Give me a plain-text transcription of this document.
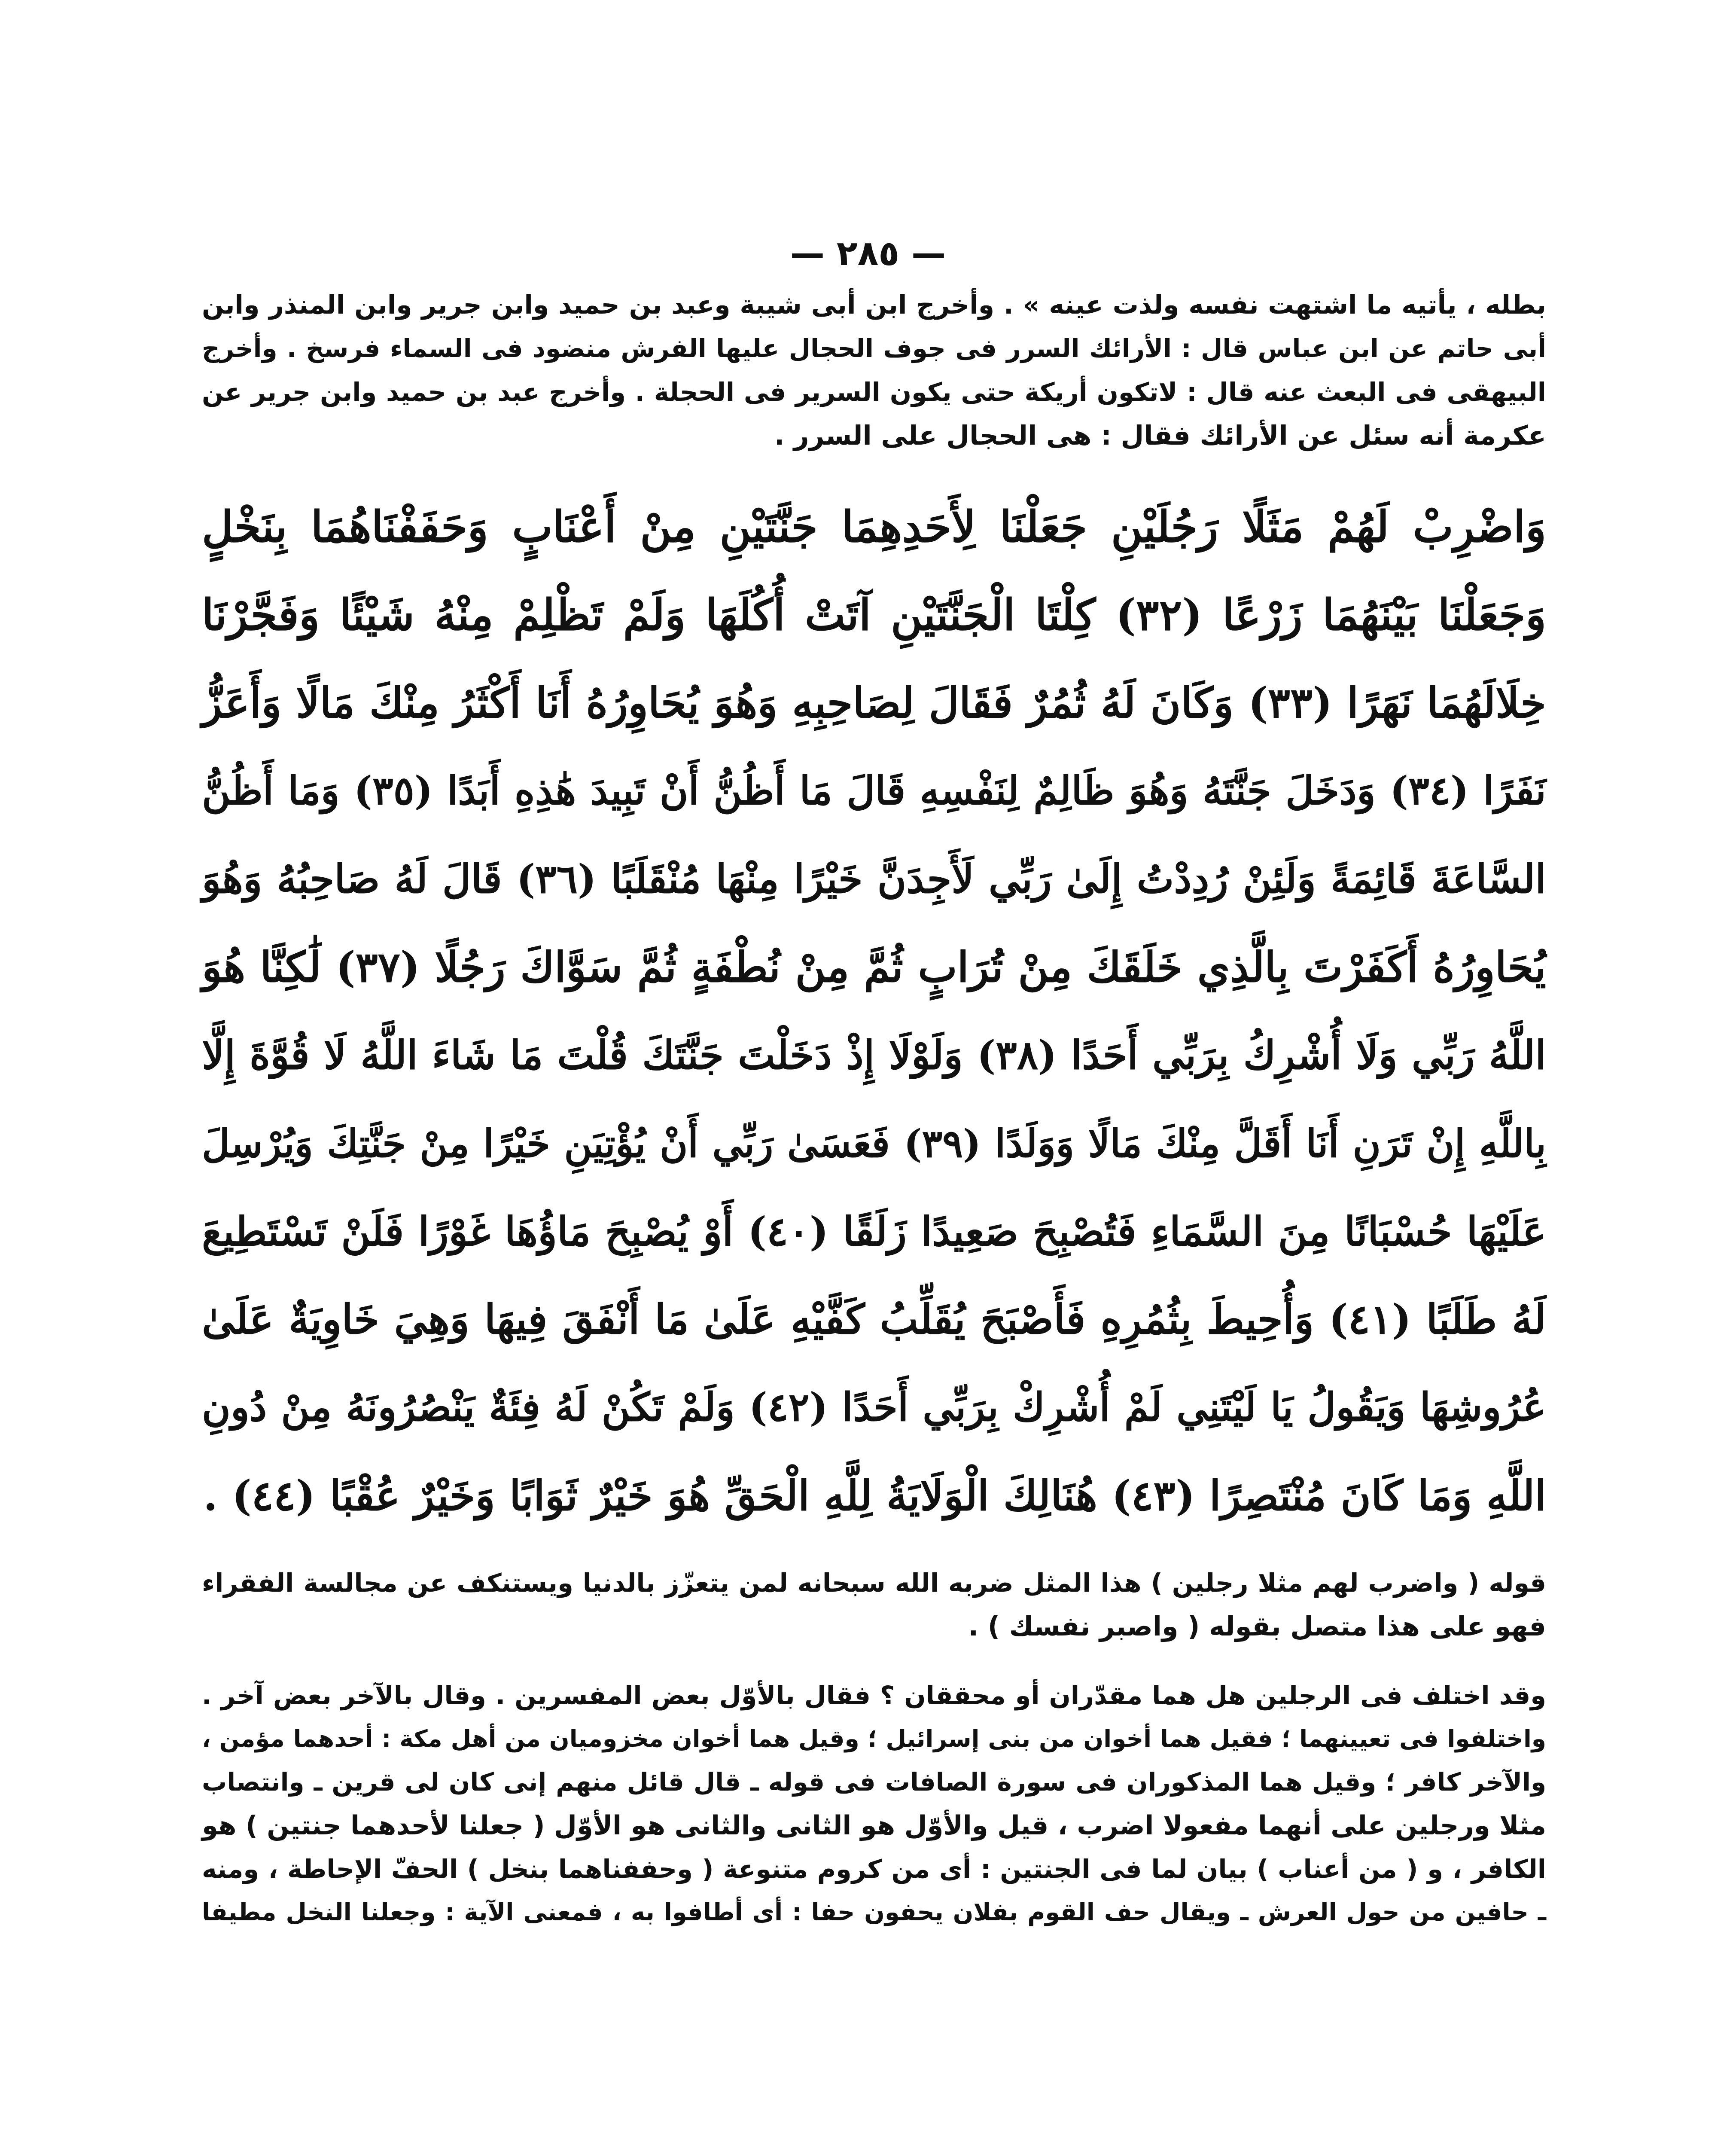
— ٢٨٥ —
بطله ، يأتيه ما اشتهت نفسه ولذت عينه » . وأخرج ابن أبى شيبة وعبد بن حميد وابن جرير وابن المنذر وابن
أبى حاتم عن ابن عباس قال : الأرائك السرر فى جوف الحجال عليها الفرش منضود فى السماء فرسخ . وأخرج
البيهقى فى البعث عنه قال : لاتكون أريكة حتى يكون السرير فى الحجلة . وأخرج عبد بن حميد وابن جرير عن
عكرمة أنه سئل عن الأرائك فقال : هى الحجال على السرر .
وَاضْرِبْ لَهُمْ مَثَلًا رَجُلَيْنِ جَعَلْنَا لِأَحَدِهِمَا جَنَّتَيْنِ مِنْ أَعْنَابٍ وَحَفَفْنَاهُمَا بِنَخْلٍ
وَجَعَلْنَا بَيْنَهُمَا زَرْعًا (٣٢) كِلْتَا الْجَنَّتَيْنِ آتَتْ أُكُلَهَا وَلَمْ تَظْلِمْ مِنْهُ شَيْئًا وَفَجَّرْنَا
خِلَالَهُمَا نَهَرًا (٣٣) وَكَانَ لَهُ ثُمُرٌ فَقَالَ لِصَاحِبِهِ وَهُوَ يُحَاوِرُهُ أَنَا أَكْثَرُ مِنْكَ مَالًا وَأَعَزُّ
نَفَرًا (٣٤) وَدَخَلَ جَنَّتَهُ وَهُوَ ظَالِمٌ لِنَفْسِهِ قَالَ مَا أَظُنُّ أَنْ تَبِيدَ هَٰذِهِ أَبَدًا (٣٥) وَمَا أَظُنُّ
السَّاعَةَ قَائِمَةً وَلَئِنْ رُدِدْتُ إِلَىٰ رَبِّي لَأَجِدَنَّ خَيْرًا مِنْهَا مُنْقَلَبًا (٣٦) قَالَ لَهُ صَاحِبُهُ وَهُوَ
يُحَاوِرُهُ أَكَفَرْتَ بِالَّذِي خَلَقَكَ مِنْ تُرَابٍ ثُمَّ مِنْ نُطْفَةٍ ثُمَّ سَوَّاكَ رَجُلًا (٣٧) لَٰكِنَّا هُوَ
اللَّهُ رَبِّي وَلَا أُشْرِكُ بِرَبِّي أَحَدًا (٣٨) وَلَوْلَا إِذْ دَخَلْتَ جَنَّتَكَ قُلْتَ مَا شَاءَ اللَّهُ لَا قُوَّةَ إِلَّا
بِاللَّهِ إِنْ تَرَنِ أَنَا أَقَلَّ مِنْكَ مَالًا وَوَلَدًا (٣٩) فَعَسَىٰ رَبِّي أَنْ يُؤْتِيَنِ خَيْرًا مِنْ جَنَّتِكَ وَيُرْسِلَ
عَلَيْهَا حُسْبَانًا مِنَ السَّمَاءِ فَتُصْبِحَ صَعِيدًا زَلَقًا (٤٠) أَوْ يُصْبِحَ مَاؤُهَا غَوْرًا فَلَنْ تَسْتَطِيعَ
لَهُ طَلَبًا (٤١) وَأُحِيطَ بِثُمُرِهِ فَأَصْبَحَ يُقَلِّبُ كَفَّيْهِ عَلَىٰ مَا أَنْفَقَ فِيهَا وَهِيَ خَاوِيَةٌ عَلَىٰ
عُرُوشِهَا وَيَقُولُ يَا لَيْتَنِي لَمْ أُشْرِكْ بِرَبِّي أَحَدًا (٤٢) وَلَمْ تَكُنْ لَهُ فِئَةٌ يَنْصُرُونَهُ مِنْ دُونِ
اللَّهِ وَمَا كَانَ مُنْتَصِرًا (٤٣) هُنَالِكَ الْوَلَايَةُ لِلَّهِ الْحَقِّ هُوَ خَيْرٌ ثَوَابًا وَخَيْرٌ عُقْبًا (٤٤) .
قوله ( واضرب لهم مثلا رجلين ) هذا المثل ضربه الله سبحانه لمن يتعزّز بالدنيا ويستنكف عن مجالسة الفقراء
فهو على هذا متصل بقوله ( واصبر نفسك ) .
وقد اختلف فى الرجلين هل هما مقدّران أو محققان ؟ فقال بالأوّل بعض المفسرين . وقال بالآخر بعض آخر .
واختلفوا فى تعيينهما ؛ فقيل هما أخوان من بنى إسرائيل ؛ وقيل هما أخوان مخزوميان من أهل مكة : أحدهما مؤمن ،
والآخر كافر ؛ وقيل هما المذكوران فى سورة الصافات فى قوله ـ قال قائل منهم إنى كان لى قرين ـ وانتصاب
مثلا ورجلين على أنهما مفعولا اضرب ، قيل والأوّل هو الثانى والثانى هو الأوّل ( جعلنا لأحدهما جنتين ) هو
الكافر ، و ( من أعناب ) بيان لما فى الجنتين : أى من كروم متنوعة ( وحففناهما بنخل ) الحفّ الإحاطة ، ومنه
ـ حافين من حول العرش ـ ويقال حف القوم بفلان يحفون حفا : أى أطافوا به ، فمعنى الآية : وجعلنا النخل مطيفا
